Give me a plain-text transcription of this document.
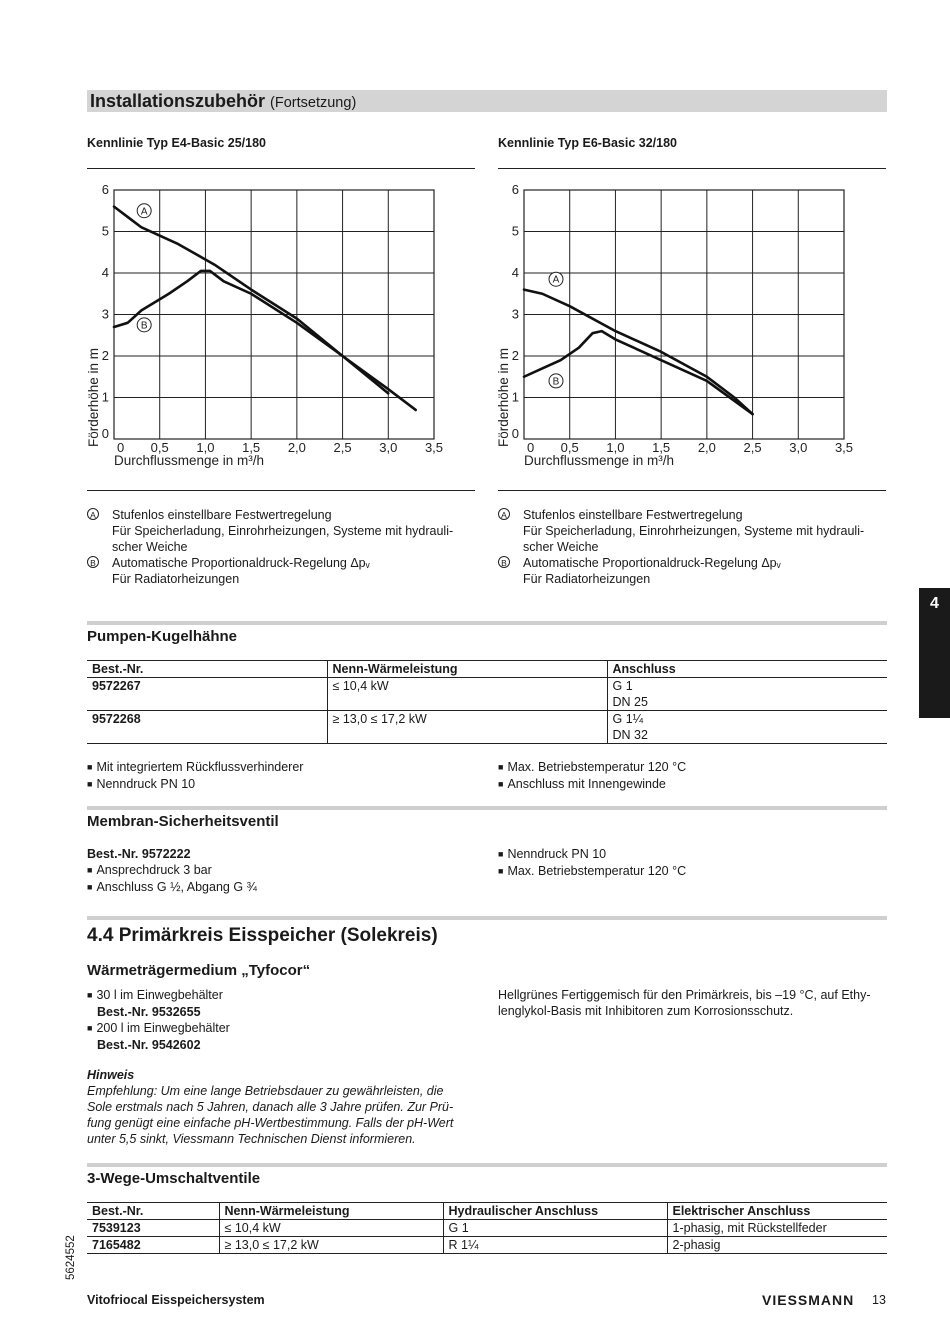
Installationszubehör (Fortsetzung)
Kennlinie Typ E4-Basic 25/180	Kennlinie Typ E6-Basic 32/180
0 0,5 1,0 1,5 2,0 2,5 3,0 3,5
0
1
2
3
4
5
6
Durchflussmenge in m³/h
Förderhöhe in m
A
B
0 0,5 1,0 1,5 2,0 2,5 3,0 3,5
0
1
2
3
4
5
6
Durchflussmenge in m³/h
Förderhöhe in m
A
B
A Stufenlos einstellbare Festwertregelung
Für Speicherladung, Einrohrheizungen, Systeme mit hydrauli-
scher Weiche
B Automatische Proportionaldruck-Regelung Δpᵥ
Für Radiatorheizungen
A Stufenlos einstellbare Festwertregelung
Für Speicherladung, Einrohrheizungen, Systeme mit hydrauli-
scher Weiche
B Automatische Proportionaldruck-Regelung Δpᵥ
Für Radiatorheizungen
4
Pumpen-Kugelhähne
Best.-Nr.	Nenn-Wärmeleistung	Anschluss
9572267	≤ 10,4 kW	G 1
DN 25

9572268	≥ 13,0 ≤ 17,2 kW	G 1¼
DN 32
■ Mit integriertem Rückflussverhinderer
■ Nenndruck PN 10
■ Max. Betriebstemperatur 120 °C
■ Anschluss mit Innengewinde
Membran-Sicherheitsventil
Best.-Nr. 9572222
■ Ansprechdruck 3 bar
■ Anschluss G ½, Abgang G ¾
■ Nenndruck PN 10
■ Max. Betriebstemperatur 120 °C
4.4 Primärkreis Eisspeicher (Solekreis)
Wärmeträgermedium „Tyfocor“
■ 30 l im Einwegbehälter
Best.-Nr. 9532655
■ 200 l im Einwegbehälter
Best.-Nr. 9542602
Hellgrünes Fertiggemisch für den Primärkreis, bis –19 °C, auf Ethy-
lenglykol-Basis mit Inhibitoren zum Korrosionsschutz.
Hinweis
Empfehlung: Um eine lange Betriebsdauer zu gewährleisten, die
Sole erstmals nach 5 Jahren, danach alle 3 Jahre prüfen. Zur Prü-
fung genügt eine einfache pH-Wertbestimmung. Falls der pH-Wert
unter 5,5 sinkt, Viessmann Technischen Dienst informieren.
3-Wege-Umschaltventile
Best.-Nr.	Nenn-Wärmeleistung	Hydraulischer Anschluss	Elektrischer Anschluss
7539123	≤ 10,4 kW	G 1	1-phasig, mit Rückstellfeder
7165482	≥ 13,0 ≤ 17,2 kW	R 1¼	2-phasig
5624552
Vitofriocal Eisspeichersystem	VIESSMANN 13
